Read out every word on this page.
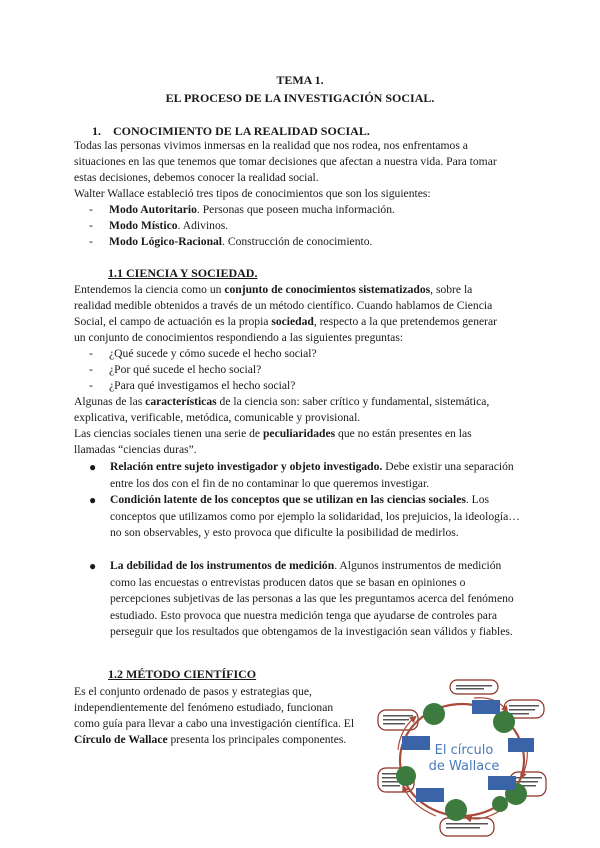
TEMA 1.
EL PROCESO DE LA INVESTIGACIÓN SOCIAL.
1. CONOCIMIENTO DE LA REALIDAD SOCIAL.
Todas las personas vivimos inmersas en la realidad que nos rodea, nos enfrentamos a
situaciones en las que tenemos que tomar decisiones que afectan a nuestra vida. Para tomar
estas decisiones, debemos conocer la realidad social.
Walter Wallace estableció tres tipos de conocimientos que son los siguientes:
- Modo Autoritario. Personas que poseen mucha información.
- Modo Místico. Adivinos.
- Modo Lógico-Racional. Construcción de conocimiento.
1.1 CIENCIA Y SOCIEDAD.
Entendemos la ciencia como un conjunto de conocimientos sistematizados, sobre la
realidad medible obtenidos a través de un método científico. Cuando hablamos de Ciencia
Social, el campo de actuación es la propia sociedad, respecto a la que pretendemos generar
un conjunto de conocimientos respondiendo a las siguientes preguntas:
- ¿Qué sucede y cómo sucede el hecho social?
- ¿Por qué sucede el hecho social?
- ¿Para qué investigamos el hecho social?
Algunas de las características de la ciencia son: saber crítico y fundamental, sistemática,
explicativa, verificable, metódica, comunicable y provisional.
Las ciencias sociales tienen una serie de peculiaridades que no están presentes en las
llamadas “ciencias duras”.
● Relación entre sujeto investigador y objeto investigado. Debe existir una separación entre los dos con el fin de no contaminar lo que queremos investigar.
● Condición latente de los conceptos que se utilizan en las ciencias sociales. Los conceptos que utilizamos como por ejemplo la solidaridad, los prejuicios, la ideología…no son observables, y esto provoca que dificulte la posibilidad de medirlos.
● La debilidad de los instrumentos de medición. Algunos instrumentos de medición como las encuestas o entrevistas producen datos que se basan en opiniones o percepciones subjetivas de las personas a las que les preguntamos acerca del fenómeno estudiado. Esto provoca que nuestra medición tenga que ayudarse de controles para perseguir que los resultados que obtengamos de la investigación sean válidos y fiables.
1.2 MÉTODO CIENTÍFICO
Es el conjunto ordenado de pasos y estrategias que,
independientemente del fenómeno estudiado, funcionan
como guía para llevar a cabo una investigación científica. El
Círculo de Wallace presenta los principales componentes.
El círculo
de Wallace
